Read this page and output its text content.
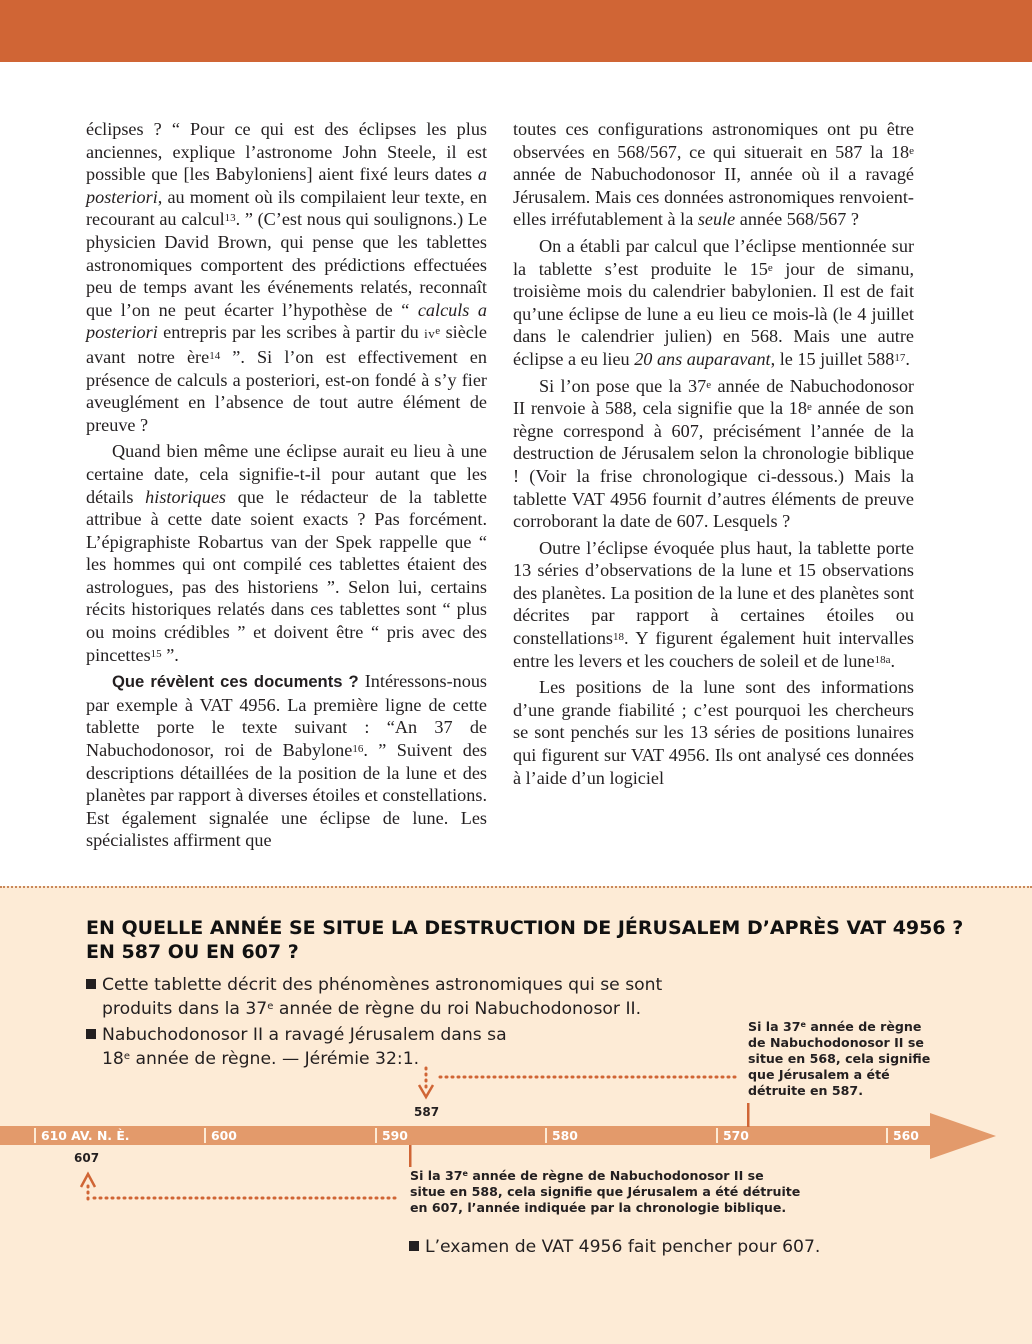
éclipses ? “ Pour ce qui est des éclipses les plus anciennes, explique l’astronome John Steele, il est possible que [les Babyloniens] aient fixé leurs dates a posteriori, au moment où ils compilaient leur texte, en recourant au calcul$^{13}$. ” (C’est nous qui soulignons.) Le physicien David Brown, qui pense que les tablettes astronomiques comportent des prédictions effectuées peu de temps avant les événements relatés, reconnaît que l’on ne peut écarter l’hypothèse de “ calculs a posteriori entrepris par les scribes à partir du $iv^e$ siècle avant notre ère$^{14}$ ”. Si l’on est effectivement en présence de calculs a posteriori, est-on fondé à s’y fier aveuglément en l’absence de tout autre élément de preuve ?

Quand bien même une éclipse aurait eu lieu à une certaine date, cela signifie-t-il pour autant que les détails historiques que le rédacteur de la tablette attribue à cette date soient exacts ? Pas forcément. L’épigraphiste Robartus van der Spek rappelle que “ les hommes qui ont compilé ces tablettes étaient des astrologues, pas des historiens ”. Selon lui, certains récits historiques relatés dans ces tablettes sont “ plus ou moins crédibles ” et doivent être “ pris avec des pincettes$^{15}$ ”.

Que révèlent ces documents ? Intéressons-nous par exemple à VAT 4956. La première ligne de cette tablette porte le texte suivant : “An 37 de Nabuchodonosor, roi de Babylone$^{16}$. ” Suivent des descriptions détaillées de la position de la lune et des planètes par rapport à diverses étoiles et constellations. Est également signalée une éclipse de lune. Les spécialistes affirment que

toutes ces configurations astronomiques ont pu être observées en 568/567, ce qui situerait en 587 la 18e année de Nabuchodonosor II, année où il a ravagé Jérusalem. Mais ces données astronomiques renvoient-elles irréfutablement à la seule année 568/567 ?

On a établi par calcul que l’éclipse mentionnée sur la tablette s’est produite le 15e jour de simanu, troisième mois du calendrier babylonien. Il est de fait qu’une éclipse de lune a eu lieu ce mois-là (le 4 juillet dans le calendrier julien) en 568. Mais une autre éclipse a eu lieu 20 ans auparavant, le 15 juillet $588^{17}$.

Si l’on pose que la 37e année de Nabuchodonosor II renvoie à 588, cela signifie que la 18e année de son règne correspond à 607, précisément l’année de la destruction de Jérusalem selon la chronologie biblique ! (Voir la frise chronologique ci-dessous.) Mais la tablette VAT 4956 fournit d’autres éléments de preuve corroborant la date de 607. Lesquels ?

Outre l’éclipse évoquée plus haut, la tablette porte 13 séries d’observations de la lune et 15 observations des planètes. La position de la lune et des planètes sont décrites par rapport à certaines étoiles ou constellations$^{18}$. Y figurent également huit intervalles entre les levers et les couchers de soleil et de lune$^{18a}$.

Les positions de la lune sont des informations d’une grande fiabilité ; c’est pourquoi les chercheurs se sont penchés sur les 13 séries de positions lunaires qui figurent sur VAT 4956. Ils ont analysé ces données à l’aide d’un logiciel

EN QUELLE ANNÉE SE SITUE LA DESTRUCTION DE JÉRUSALEM D’APRÈS VAT 4956 ?
EN 587 OU EN 607 ?
Cette tablette décrit des phénomènes astronomiques qui se sont
produits dans la 37e année de règne du roi Nabuchodonosor II.
Nabuchodonosor II a ravagé Jérusalem dans sa
18e année de règne. — Jérémie 32:1.
Si la 37e année de règne
de Nabuchodonosor II se
situe en 568, cela signifie
que Jérusalem a été
détruite en 587.
610 AV. N. È.	600	590	580	570	560
587
607
Si la 37e année de règne de Nabuchodonosor II se
situe en 588, cela signifie que Jérusalem a été détruite
en 607, l’année indiquée par la chronologie biblique.
L’examen de VAT 4956 fait pencher pour 607.
